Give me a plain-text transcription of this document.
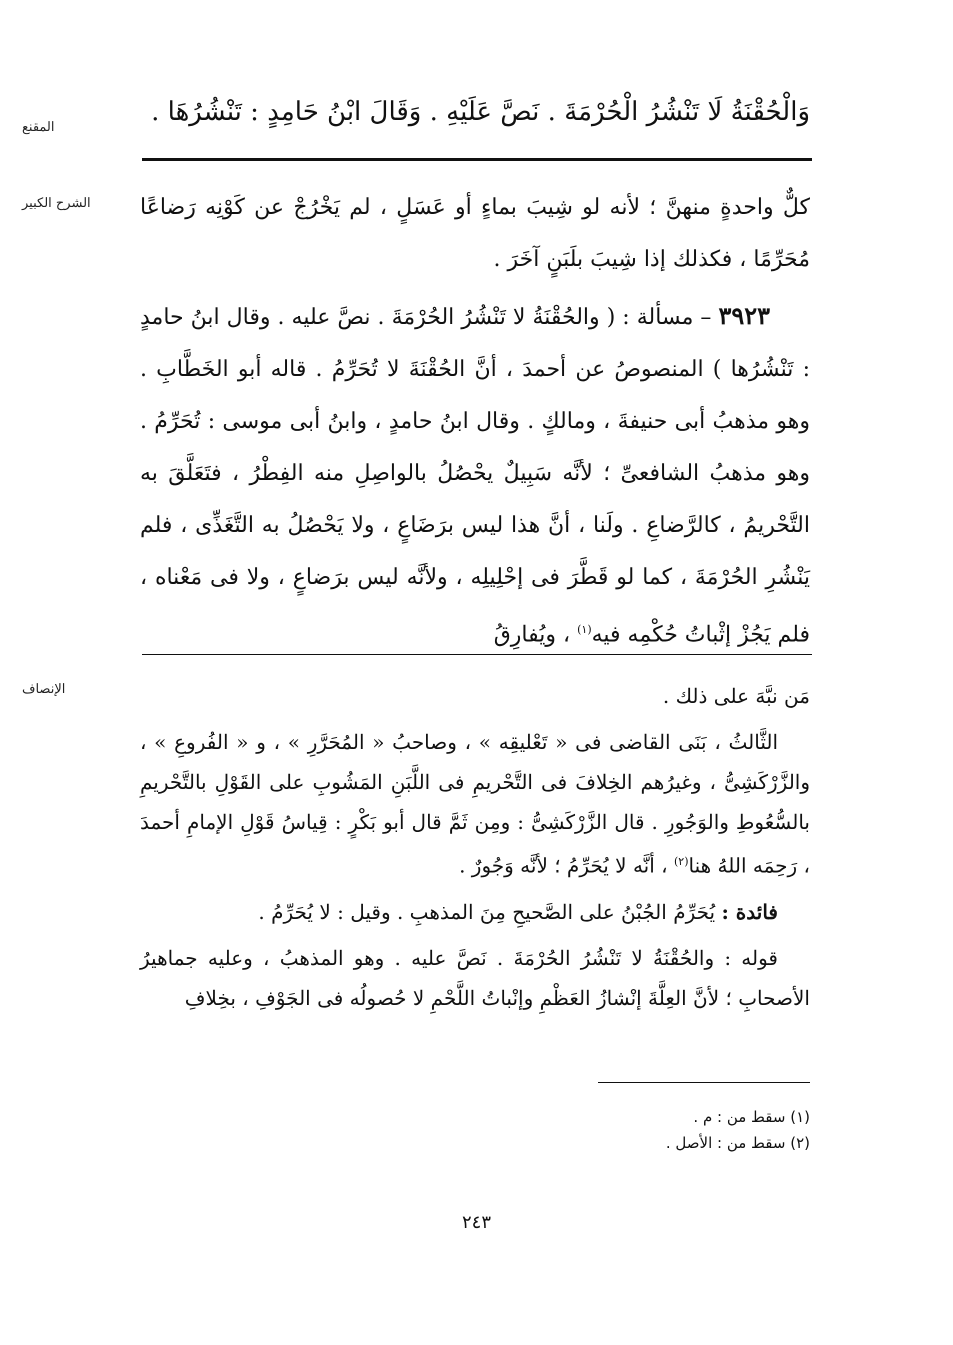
المقنع
الشرح الكبير
الإنصاف
وَالْحُقْنَةُ لَا تَنْشُرُ الْحُرْمَةَ . نَصَّ عَلَيْهِ . وَقَالَ ابْنُ حَامِدٍ : تَنْشُرُهَا .

كلٌّ واحدةٍ منهنَّ ؛ لأنه لو شِيبَ بماءٍ أو عَسَلٍ ، لم يَخْرُجْ عن كَوْنِه رَضاعًا مُحَرِّمًا ، فكذلك إذا شِيبَ بلَبَنٍ آخَرَ .

٣٩٢٣ – مسألة : ( والحُقْنَةُ لا تَنْشُرُ الحُرْمَةَ . نصَّ عليه . وقال ابنُ حامدٍ : تَنْشُرُها ) المنصوصُ عن أحمدَ ، أنَّ الحُقْنَةَ لا تُحَرِّمُ . قاله أبو الخَطَّابِ . وهو مذهبُ أبى حنيفةَ ، ومالكٍ . وقال ابنُ حامدٍ ، وابنُ أبى موسى : تُحَرِّمُ . وهو مذهبُ الشافعىِّ ؛ لأنَّه سَبِيلٌ يحْصُلُ بالواصِلِ منه الفِطْرُ ، فتَعَلَّقَ به التَّحْريمُ ، كالرَّضاعِ . ولَنا ، أنَّ هذا ليس برَضَاعٍ ، ولا يَحْصُلُ به التَّغَذِّى ، فلم يَنْشُرِ الحُرْمَةَ ، كما لو قَطَّرَ فى إحْلِيلِه ، ولأنَّه ليس برَضاعٍ ، ولا فى مَعْناه ، فلم يَجُزْ إثْباتُ حُكْمِه فيه$^{(١)}$ ، ويُفارِقُ

مَن نبَّهَ على ذلك .

الثَّالثُ ، بَنَى القاضى فى « تَعْليقِه » ، وصاحبُ « المُحَرَّرِ » ، و « الفُروعِ » ، والزَّرْكَشِىُّ ، وغيرُهم الخِلافَ فى التَّحْريمِ فى اللَّبَنِ المَشُوبِ على القَوْلِ بالتَّحْريمِ بالسُّعُوطِ والوَجُورِ . قال الزَّرْكَشِىُّ : ومِن ثَمَّ قال أبو بَكْرٍ : قِياسُ قَوْلِ الإمامِ أحمدَ ، رَحِمَه اللهُ هنا$^{(٢)}$ ، أنَّه لا يُحَرِّمُ ؛ لأنَّه وَجُورٌ .

فائدة : يُحَرِّمُ الجُبْنُ على الصَّحيحِ مِنَ المذهبِ . وقيل : لا يُحَرِّمُ .

قوله : والحُقْنَةُ لا تَنْشُرُ الحُرْمَةَ . نَصَّ عليه . وهو المذهبُ ، وعليه جماهيرُ الأصحابِ ؛ لأنَّ العِلَّةَ إنْشازُ العَظْمِ وإنْباتُ اللَّحْمِ لا حُصولُه فى الجَوْفِ ، بخِلافِ

(١) سقط من : م .
(٢) سقط من : الأصل .
٢٤٣
